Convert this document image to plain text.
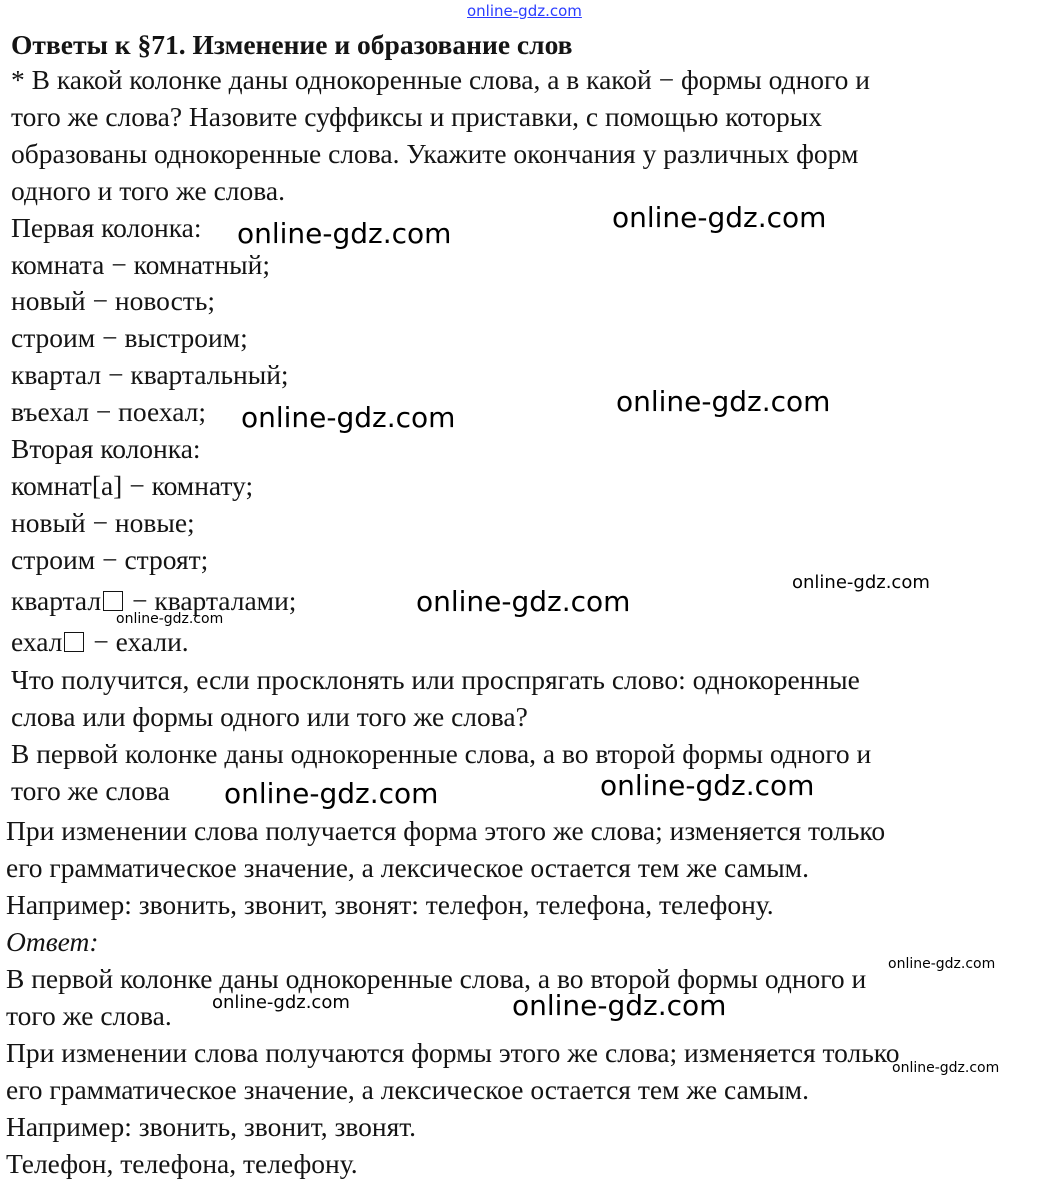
online-gdz.com
Ответы к §71. Изменение и образование слов
* В какой колонке даны однокоренные слова, а в какой − формы одного и
того же слова? Назовите суффиксы и приставки, с помощью которых
образованы однокоренные слова. Укажите окончания у различных форм
одного и того же слова.
Первая колонка:
комната − комнатный;
новый − новость;
строим − выстроим;
квартал − квартальный;
въехал − поехал;
Вторая колонка:
комнат[а] − комнату;
новый − новые;
строим − строят;
квартал − кварталами;
ехал − ехали.
Что получится, если просклонять или проспрягать слово: однокоренные
слова или формы одного или того же слова?
В первой колонке даны однокоренные слова, а во второй формы одного и
того же слова
При изменении слова получается форма этого же слова; изменяется только
его грамматическое значение, а лексическое остается тем же самым.
Например: звонить, звонит, звонят: телефон, телефона, телефону.
Ответ:
В первой колонке даны однокоренные слова, а во второй формы одного и
того же слова.
При изменении слова получаются формы этого же слова; изменяется только
его грамматическое значение, а лексическое остается тем же самым.
Например: звонить, звонит, звонят.
Телефон, телефона, телефону.
online-gdz.com	online-gdz.com
online-gdz.com	online-gdz.com
online-gdz.com
online-gdz.com
online-gdz.com
online-gdz.com	online-gdz.com
online-gdz.com
online-gdz.com	online-gdz.com
online-gdz.com
